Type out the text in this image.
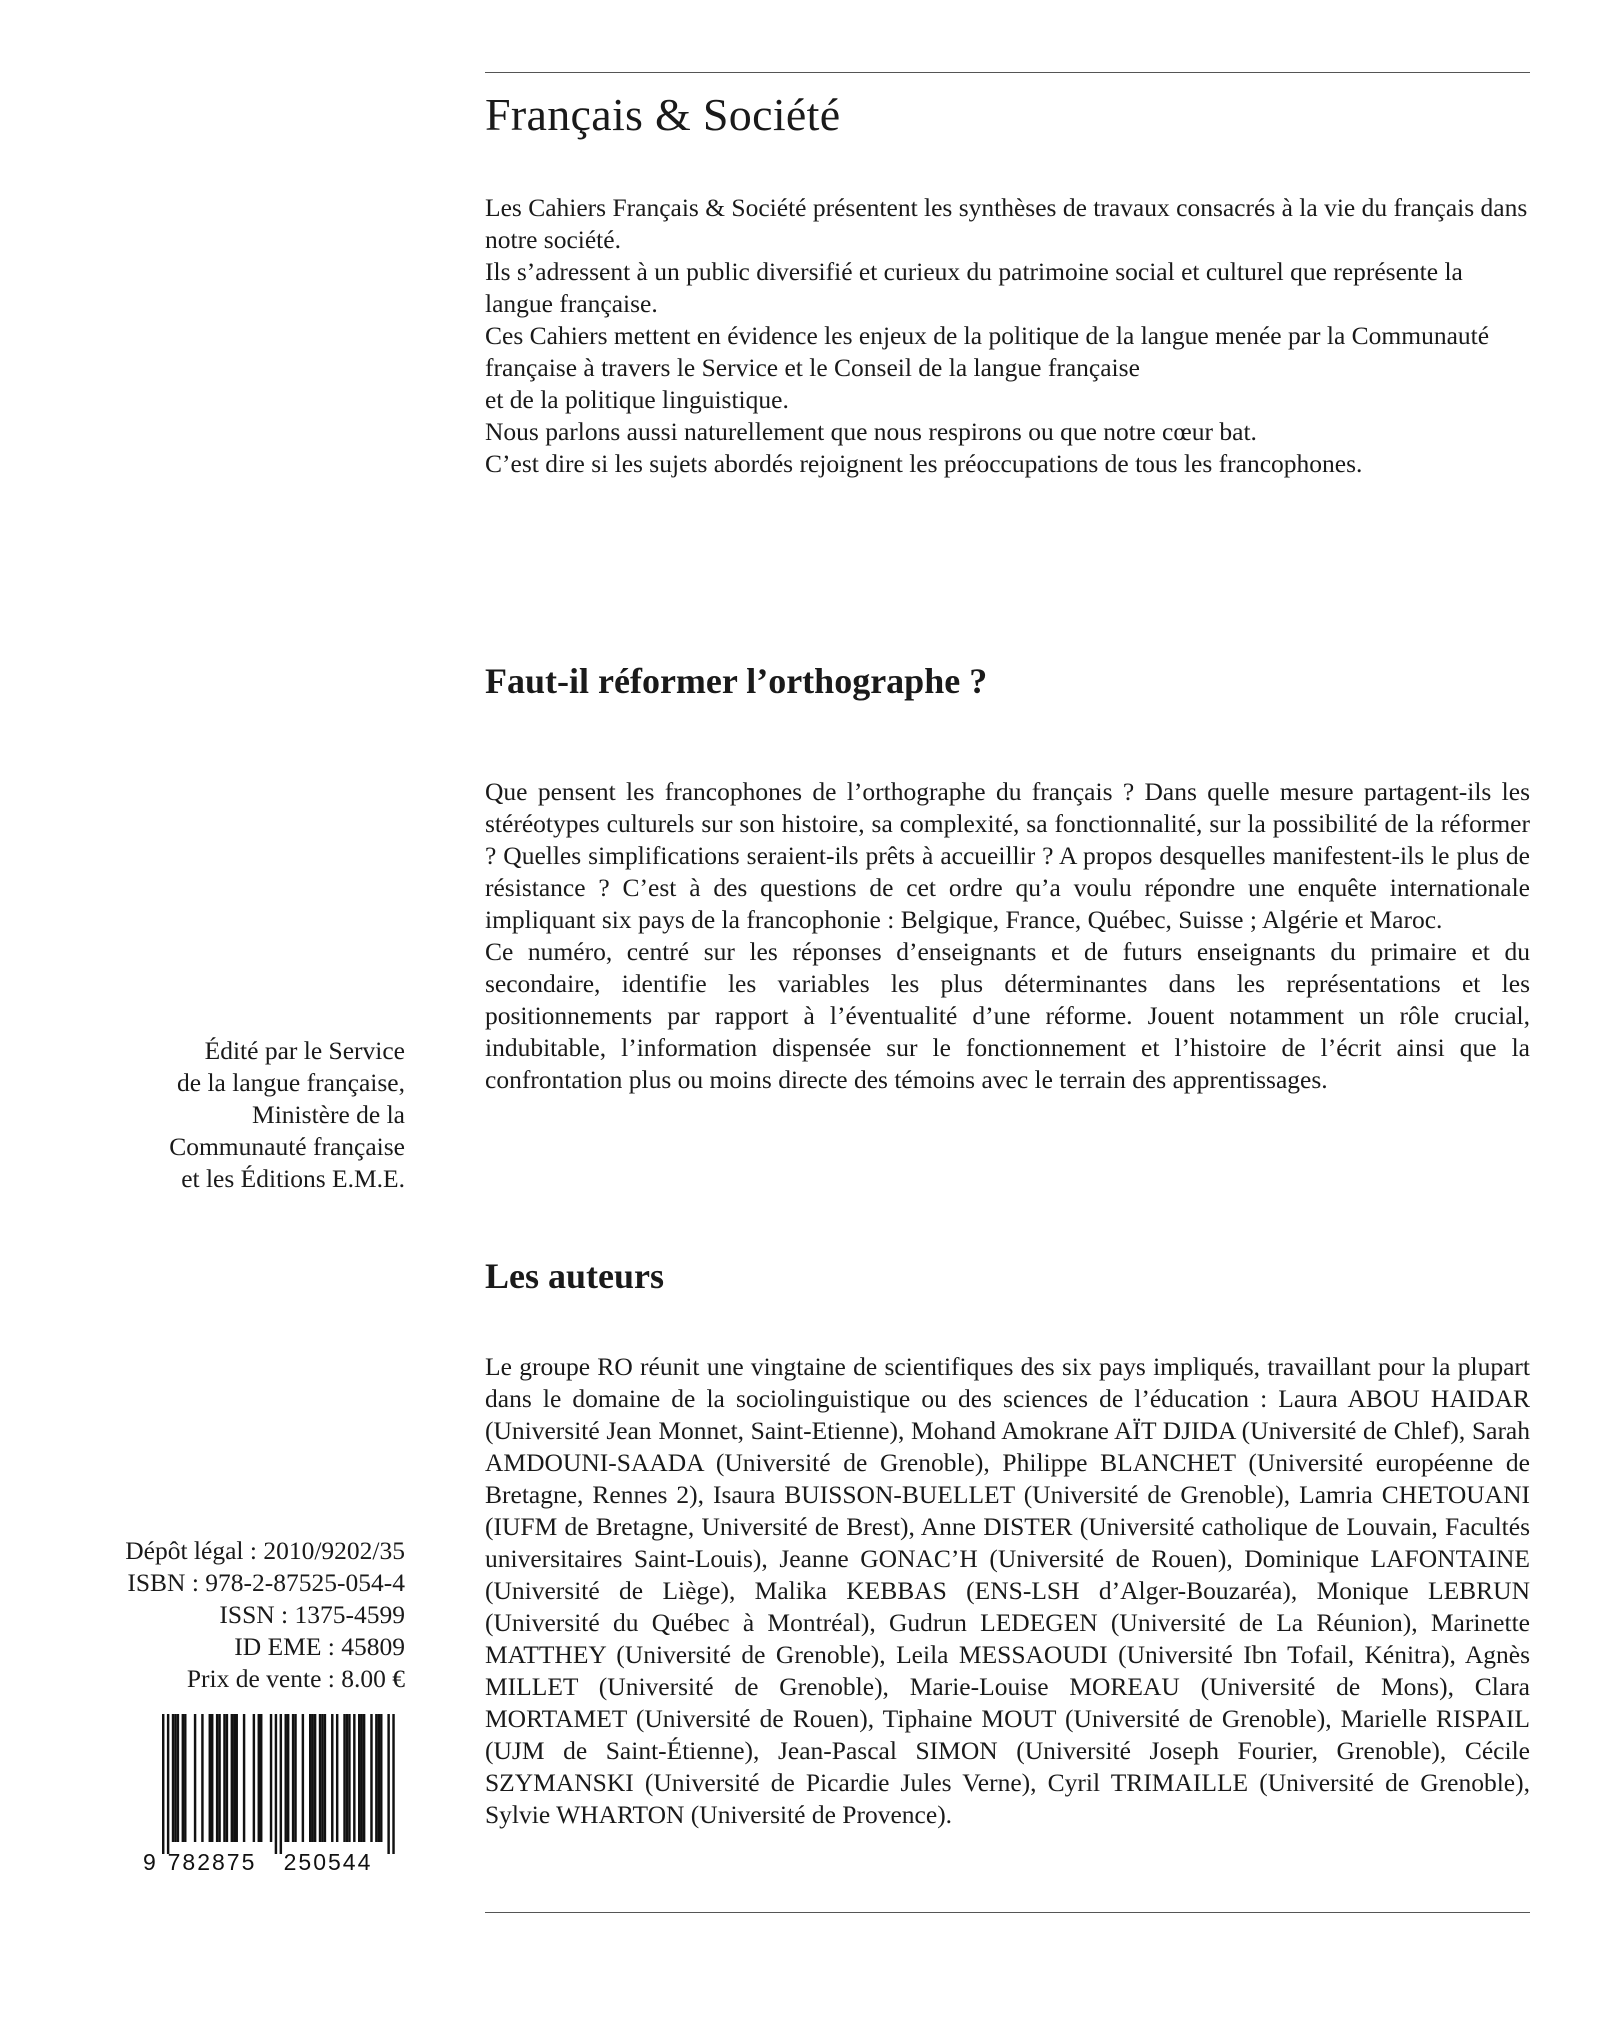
Français & Société

Les Cahiers Français & Société présentent les synthèses de travaux consacrés à la vie du français dans notre société.

Ils s’adressent à un public diversifié et curieux du patrimoine social et culturel que représente la langue française.

Ces Cahiers mettent en évidence les enjeux de la politique de la langue menée par la Communauté française à travers le Service et le Conseil de la langue française

et de la politique linguistique.

Nous parlons aussi naturellement que nous respirons ou que notre cœur bat.

C’est dire si les sujets abordés rejoignent les préoccupations de tous les francophones.

Faut-il réformer l’orthographe ?

Que pensent les francophones de l’orthographe du français ? Dans quelle mesure partagent-ils les stéréotypes culturels sur son histoire, sa complexité, sa fonctionnalité, sur la possibilité de la réformer ? Quelles simplifications seraient-ils prêts à accueillir ? A propos desquelles manifestent-ils le plus de résistance ? C’est à des questions de cet ordre qu’a voulu répondre une enquête internationale impliquant six pays de la francophonie : Belgique, France, Québec, Suisse ; Algérie et Maroc.

Ce numéro, centré sur les réponses d’enseignants et de futurs enseignants du primaire et du secondaire, identifie les variables les plus déterminantes dans les représentations et les positionnements par rapport à l’éventualité d’une réforme. Jouent notamment un rôle crucial, indubitable, l’information dispensée sur le fonctionnement et l’histoire de l’écrit ainsi que la confrontation plus ou moins directe des témoins avec le terrain des apprentissages.

Édité par le Service
de la langue française,
Ministère de la
Communauté française
et les Éditions E.M.E.
Les auteurs
Le groupe RO réunit une vingtaine de scientifiques des six pays impliqués, travaillant pour la plupart dans le domaine de la sociolinguistique ou des sciences de l’éducation : Laura ABOU HAIDAR (Université Jean Monnet, Saint-Etienne), Mohand Amokrane AÏT DJIDA (Université de Chlef), Sarah AMDOUNI-SAADA (Université de Grenoble), Philippe BLANCHET (Université européenne de Bretagne, Rennes 2), Isaura BUISSON-BUELLET (Université de Grenoble), Lamria CHETOUANI (IUFM de Bretagne, Université de Brest), Anne DISTER (Université catholique de Louvain, Facultés universitaires Saint-Louis), Jeanne GONAC’H (Université de Rouen), Dominique LAFONTAINE (Université de Liège), Malika KEBBAS (ENS-LSH d’Alger-Bouzaréa), Monique LEBRUN (Université du Québec à Montréal), Gudrun LEDEGEN (Université de La Réunion), Marinette MATTHEY (Université de Grenoble), Leila MESSAOUDI (Université Ibn Tofail, Kénitra), Agnès MILLET (Université de Grenoble), Marie-Louise MOREAU (Université de Mons), Clara MORTAMET (Université de Rouen), Tiphaine MOUT (Université de Grenoble), Marielle RISPAIL (UJM de Saint-Étienne), Jean-Pascal SIMON (Université Joseph Fourier, Grenoble), Cécile SZYMANSKI (Université de Picardie Jules Verne), Cyril TRIMAILLE (Université de Grenoble), Sylvie WHARTON (Université de Provence).
Dépôt légal : 2010/9202/35
ISBN : 978-2-87525-054-4
ISSN : 1375-4599
ID EME : 45809
Prix de vente : 8.00 €
9 782875 250544
